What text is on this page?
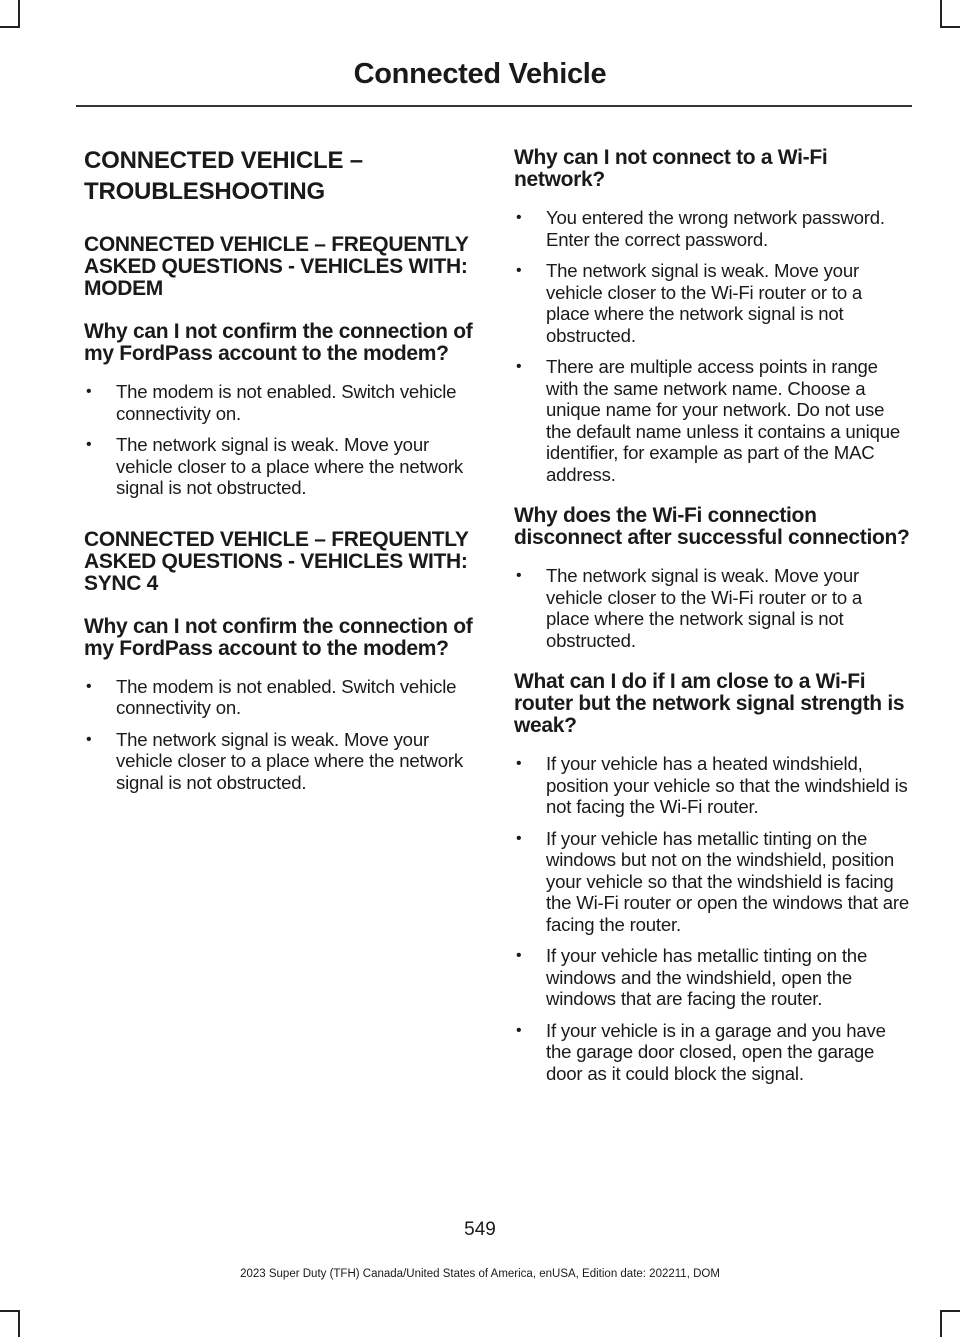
Connected Vehicle
CONNECTED VEHICLE –
TROUBLESHOOTING
CONNECTED VEHICLE – FREQUENTLY ASKED QUESTIONS - VEHICLES WITH: MODEM
Why can I not confirm the connection of my FordPass account to the modem?
• The modem is not enabled. Switch vehicle connectivity on.
• The network signal is weak. Move your vehicle closer to a place where the network signal is not obstructed.
CONNECTED VEHICLE – FREQUENTLY ASKED QUESTIONS - VEHICLES WITH: SYNC 4
Why can I not confirm the connection of my FordPass account to the modem?
• The modem is not enabled. Switch vehicle connectivity on.
• The network signal is weak. Move your vehicle closer to a place where the network signal is not obstructed.
Why can I not connect to a Wi-Fi network?
• You entered the wrong network password. Enter the correct password.
• The network signal is weak. Move your vehicle closer to the Wi-Fi router or to a place where the network signal is not obstructed.
• There are multiple access points in range with the same network name. Choose a unique name for your network. Do not use the default name unless it contains a unique identifier, for example as part of the MAC address.
Why does the Wi-Fi connection disconnect after successful connection?
• The network signal is weak. Move your vehicle closer to the Wi-Fi router or to a place where the network signal is not obstructed.
What can I do if I am close to a Wi-Fi router but the network signal strength is weak?
• If your vehicle has a heated windshield, position your vehicle so that the windshield is not facing the Wi-Fi router.
• If your vehicle has metallic tinting on the windows but not on the windshield, position your vehicle so that the windshield is facing the Wi-Fi router or open the windows that are facing the router.
• If your vehicle has metallic tinting on the windows and the windshield, open the windows that are facing the router.
• If your vehicle is in a garage and you have the garage door closed, open the garage door as it could block the signal.
549
2023 Super Duty (TFH) Canada/United States of America, enUSA, Edition date: 202211, DOM
